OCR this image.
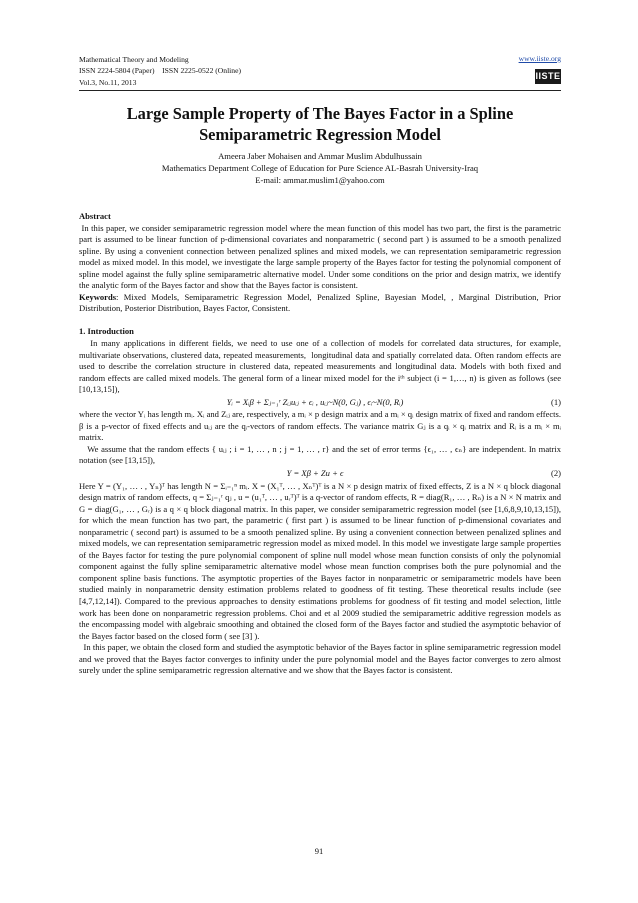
Mathematical Theory and Modeling
ISSN 2224-5804 (Paper)    ISSN 2225-0522 (Online)
Vol.3, No.11, 2013
www.iiste.org
IISTE
Large Sample Property of The Bayes Factor in a Spline Semiparametric Regression Model
Ameera Jaber Mohaisen and Ammar Muslim Abdulhussain
Mathematics Department College of Education for Pure Science AL-Basrah University-Iraq
E-mail: ammar.muslim1@yahoo.com

Abstract

In this paper, we consider semiparametric regression model where the mean function of this model has two part, the first is the parametric part is assumed to be linear function of p-dimensional covariates and nonparametric ( second part ) is assumed to be a smooth penalized spline. By using a convenient connection between penalized splines and mixed models, we can representation semiparametric regression model as mixed model. In this model, we investigate the large sample property of the Bayes factor for testing the polynomial component of spline model against the fully spline semiparametric alternative model. Under some conditions on the prior and design matrix, we identify the analytic form of the Bayes factor and show that the Bayes factor is consistent.

Keywords: Mixed Models, Semiparametric Regression Model, Penalized Spline, Bayesian Model, , Marginal Distribution, Prior Distribution, Posterior Distribution, Bayes Factor, Consistent.

1. Introduction

In many applications in different fields, we need to use one of a collection of models for correlated data structures, for example, multivariate observations, clustered data, repeated measurements,  longitudinal data and spatially correlated data. Often random effects are used to describe the correlation structure in clustered data, repeated measurements and longitudinal data. Models with both fixed and random effects are called mixed models. The general form of a linear mixed model for the iᵗʰ subject (i = 1,…, n) is given as follows (see [10,13,15]),

Yᵢ = Xᵢβ + Σⱼ₌₁ʳ Zᵢⱼuᵢⱼ + ϵᵢ , uᵢⱼ~N(0, Gⱼ) , ϵᵢ~N(0, Rᵢ)	(1)

where the vector Yᵢ has length mᵢ. Xᵢ and Zᵢⱼ are, respectively, a mᵢ × p design matrix and a mᵢ × qᵢ design matrix of fixed and random effects. β is a p-vector of fixed effects and uᵢⱼ are the qᵢ-vectors of random effects. The variance matrix Gⱼ is a qᵢ × qᵢ matrix and Rᵢ is a mᵢ × mᵢ matrix.

We assume that the random effects { uᵢⱼ ; i = 1, … , n ; j = 1, … , r} and the set of error terms {ϵ₁, … , ϵₙ} are independent. In matrix notation (see [13,15]),

Y = Xβ + Zu + ϵ	(2)

Here Y = (Y₁, … . , Yₙ)ᵀ has length N = Σᵢ₌₁ⁿ mᵢ. X = (X₁ᵀ, … , Xₙᵀ)ᵀ is a N × p design matrix of fixed effects, Z is a N × q block diagonal design matrix of random effects, q = Σⱼ₌₁ʳ qⱼ , u = (u₁ᵀ, … , uᵣᵀ)ᵀ is a q-vector of random effects, R = diag(R₁, … , Rₙ) is a N × N matrix and G = diag(G₁, … , Gᵣ) is a q × q block diagonal matrix. In this paper, we consider semiparametric regression model (see [1,6,8,9,10,13,15]), for which the mean function has two part, the parametric ( first part ) is assumed to be linear function of p-dimensional covariates and nonparametric ( second part) is assumed to be a smooth penalized spline. By using a convenient connection between penalized splines and mixed models, we can representation semiparametric regression model as mixed model. In this model we investigate large sample properties of the Bayes factor for testing the pure polynomial component of spline null model whose mean function consists of only the polynomial component against the fully spline semiparametric alternative model whose mean function comprises both the pure polynomial and the component spline basis functions. The asymptotic properties of the Bayes factor in nonparametric or semiparametric models have been studied mainly in nonparametric density estimation problems related to goodness of fit testing. These theoretical results include (see [4,7,12,14]). Compared to the previous approaches to density estimations problems for goodness of fit testing and model selection, little work has been done on nonparametric regression problems. Choi and et al 2009 studied the semiparametric additive regression models as the encompassing model with algebraic smoothing and obtained the closed form of the Bayes factor and studied the asymptotic behavior of the Bayes factor based on the closed form ( see [3] ).

In this paper, we obtain the closed form and studied the asymptotic behavior of the Bayes factor in spline semiparametric regression model and we proved that the Bayes factor converges to infinity under the pure polynomial model and the Bayes factor converges to zero almost surely under the spline semiparametric regression alternative and we show that the Bayes factor is consistent.

91
